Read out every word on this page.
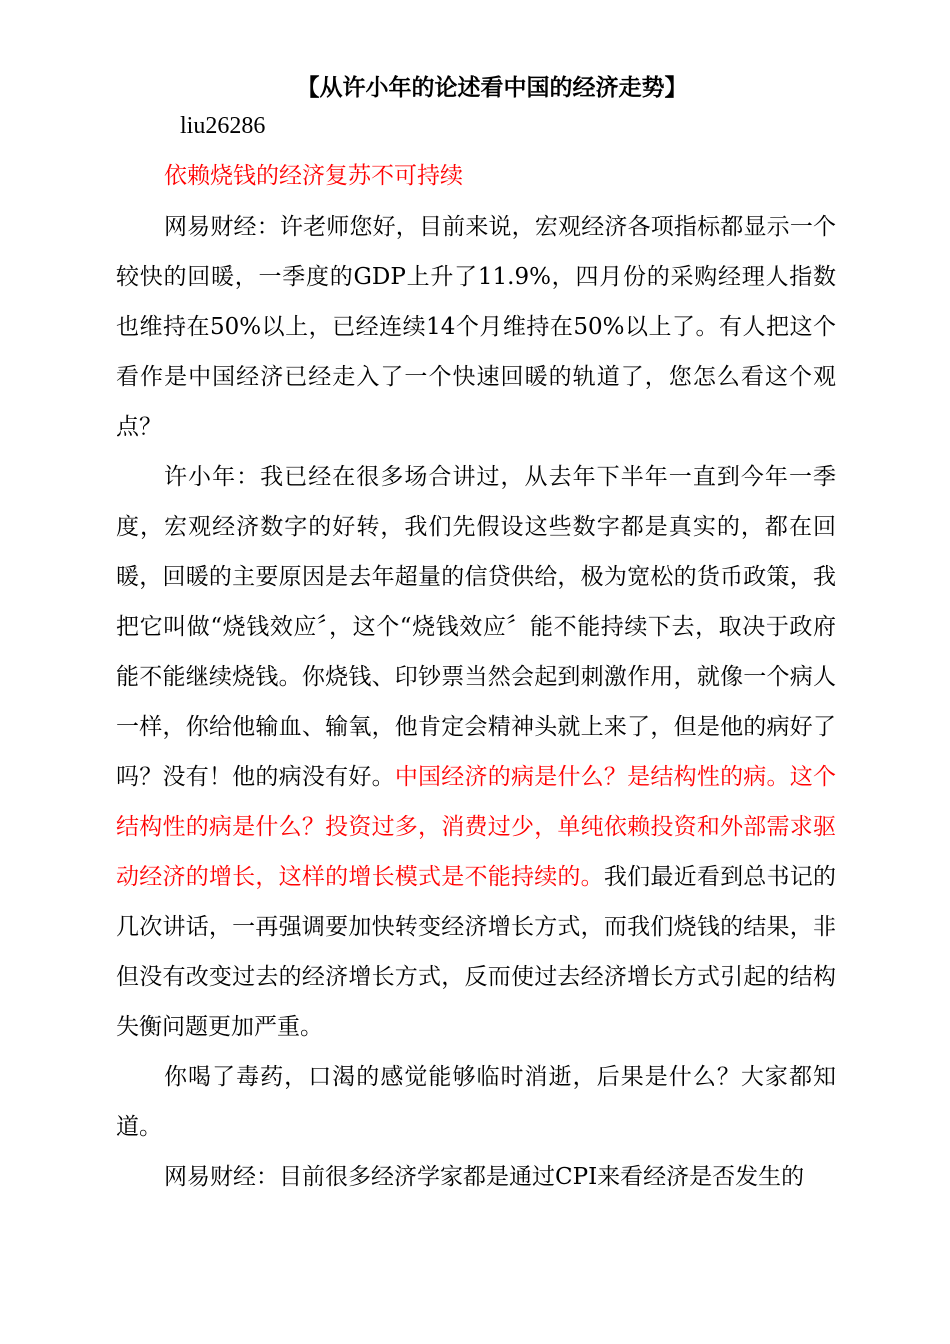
【从许小年的论述看中国的经济走势】
liu26286
依赖烧钱的经济复苏不可持续

网易财经：许老师您好，目前来说，宏观经济各项指标都显示一个较快的回暖，一季度的GDP上升了11.9%，四月份的采购经理人指数也维持在50%以上，已经连续14个月维持在50%以上了。有人把这个看作是中国经济已经走入了一个快速回暖的轨道了，您怎么看这个观点？

许小年：我已经在很多场合讲过，从去年下半年一直到今年一季度，宏观经济数字的好转，我们先假设这些数字都是真实的，都在回暖，回暖的主要原因是去年超量的信贷供给，极为宽松的货币政策，我把它叫做“烧钱效应〞，这个“烧钱效应〞能不能持续下去，取决于政府能不能继续烧钱。你烧钱、印钞票当然会起到刺激作用，就像一个病人一样，你给他输血、输氧，他肯定会精神头就上来了，但是他的病好了吗？没有！他的病没有好。中国经济的病是什么？是结构性的病。这个结构性的病是什么？投资过多，消费过少，单纯依赖投资和外部需求驱动经济的增长，这样的增长模式是不能持续的。我们最近看到总书记的几次讲话，一再强调要加快转变经济增长方式，而我们烧钱的结果，非但没有改变过去的经济增长方式，反而使过去经济增长方式引起的结构失衡问题更加严重。

你喝了毒药，口渴的感觉能够临时消逝，后果是什么？大家都知道。

网易财经：目前很多经济学家都是通过CPI来看经济是否发生的
